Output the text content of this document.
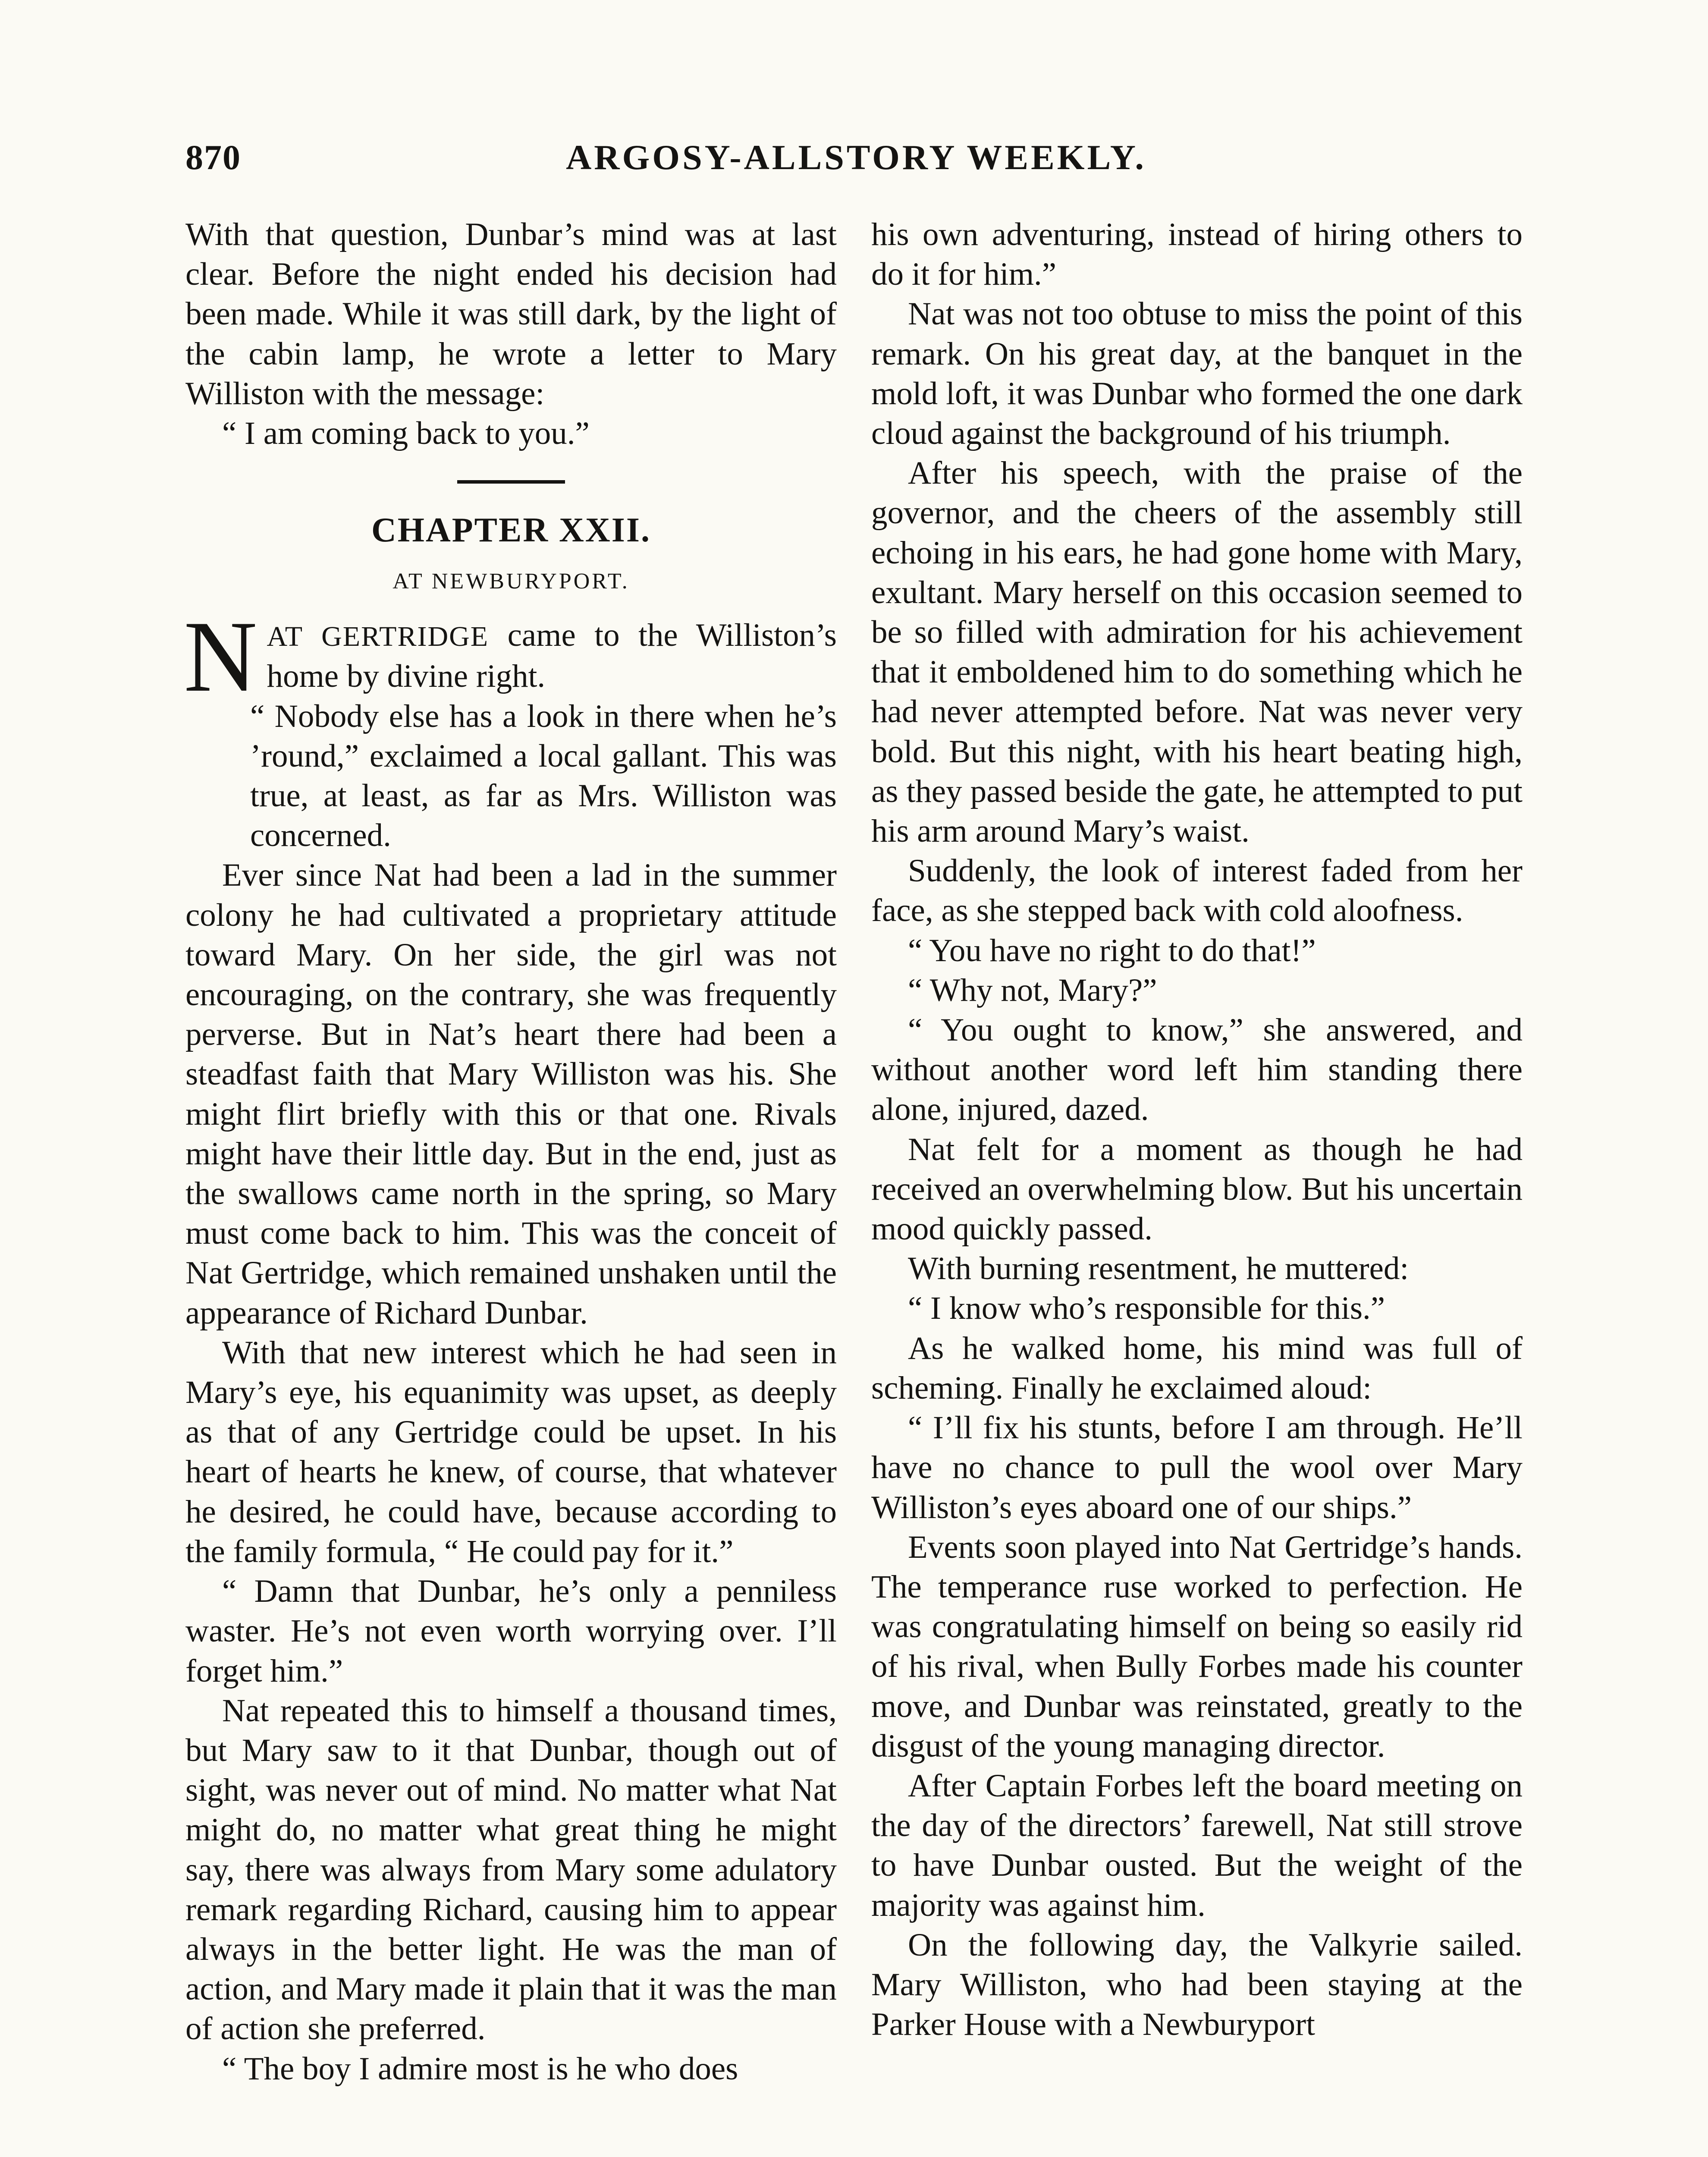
870	ARGOSY-ALLSTORY WEEKLY.

With that question, Dunbar’s mind was at last clear. Before the night ended his decision had been made. While it was still dark, by the light of the cabin lamp, he wrote a letter to Mary Williston with the message:

“ I am coming back to you.”

CHAPTER XXII.
AT NEWBURYPORT.

NAT GERTRIDGE came to the Williston’s home by divine right.

“ Nobody else has a look in there when he’s ’round,” exclaimed a local gallant. This was true, at least, as far as Mrs. Williston was concerned.

Ever since Nat had been a lad in the summer colony he had cultivated a proprietary attitude toward Mary. On her side, the girl was not encouraging, on the contrary, she was frequently perverse. But in Nat’s heart there had been a steadfast faith that Mary Williston was his. She might flirt briefly with this or that one. Rivals might have their little day. But in the end, just as the swallows came north in the spring, so Mary must come back to him. This was the conceit of Nat Gertridge, which remained unshaken until the appearance of Richard Dunbar.

With that new interest which he had seen in Mary’s eye, his equanimity was upset, as deeply as that of any Gertridge could be upset. In his heart of hearts he knew, of course, that whatever he desired, he could have, because according to the family formula, “ He could pay for it.”

“ Damn that Dunbar, he’s only a penniless waster. He’s not even worth worrying over. I’ll forget him.”

Nat repeated this to himself a thousand times, but Mary saw to it that Dunbar, though out of sight, was never out of mind. No matter what Nat might do, no matter what great thing he might say, there was always from Mary some adulatory remark regarding Richard, causing him to appear always in the better light. He was the man of action, and Mary made it plain that it was the man of action she preferred.

“ The boy I admire most is he who does

his own adventuring, instead of hiring others to do it for him.”

Nat was not too obtuse to miss the point of this remark. On his great day, at the banquet in the mold loft, it was Dunbar who formed the one dark cloud against the background of his triumph.

After his speech, with the praise of the governor, and the cheers of the assembly still echoing in his ears, he had gone home with Mary, exultant. Mary herself on this occasion seemed to be so filled with admiration for his achievement that it emboldened him to do something which he had never attempted before. Nat was never very bold. But this night, with his heart beating high, as they passed beside the gate, he attempted to put his arm around Mary’s waist.

Suddenly, the look of interest faded from her face, as she stepped back with cold aloofness.

“ You have no right to do that!”

“ Why not, Mary?”

“ You ought to know,” she answered, and without another word left him standing there alone, injured, dazed.

Nat felt for a moment as though he had received an overwhelming blow. But his uncertain mood quickly passed.

With burning resentment, he muttered:

“ I know who’s responsible for this.”

As he walked home, his mind was full of scheming. Finally he exclaimed aloud:

“ I’ll fix his stunts, before I am through. He’ll have no chance to pull the wool over Mary Williston’s eyes aboard one of our ships.”

Events soon played into Nat Gertridge’s hands. The temperance ruse worked to perfection. He was congratulating himself on being so easily rid of his rival, when Bully Forbes made his counter move, and Dunbar was reinstated, greatly to the disgust of the young managing director.

After Captain Forbes left the board meeting on the day of the directors’ farewell, Nat still strove to have Dunbar ousted. But the weight of the majority was against him.

On the following day, the Valkyrie sailed. Mary Williston, who had been staying at the Parker House with a Newburyport
